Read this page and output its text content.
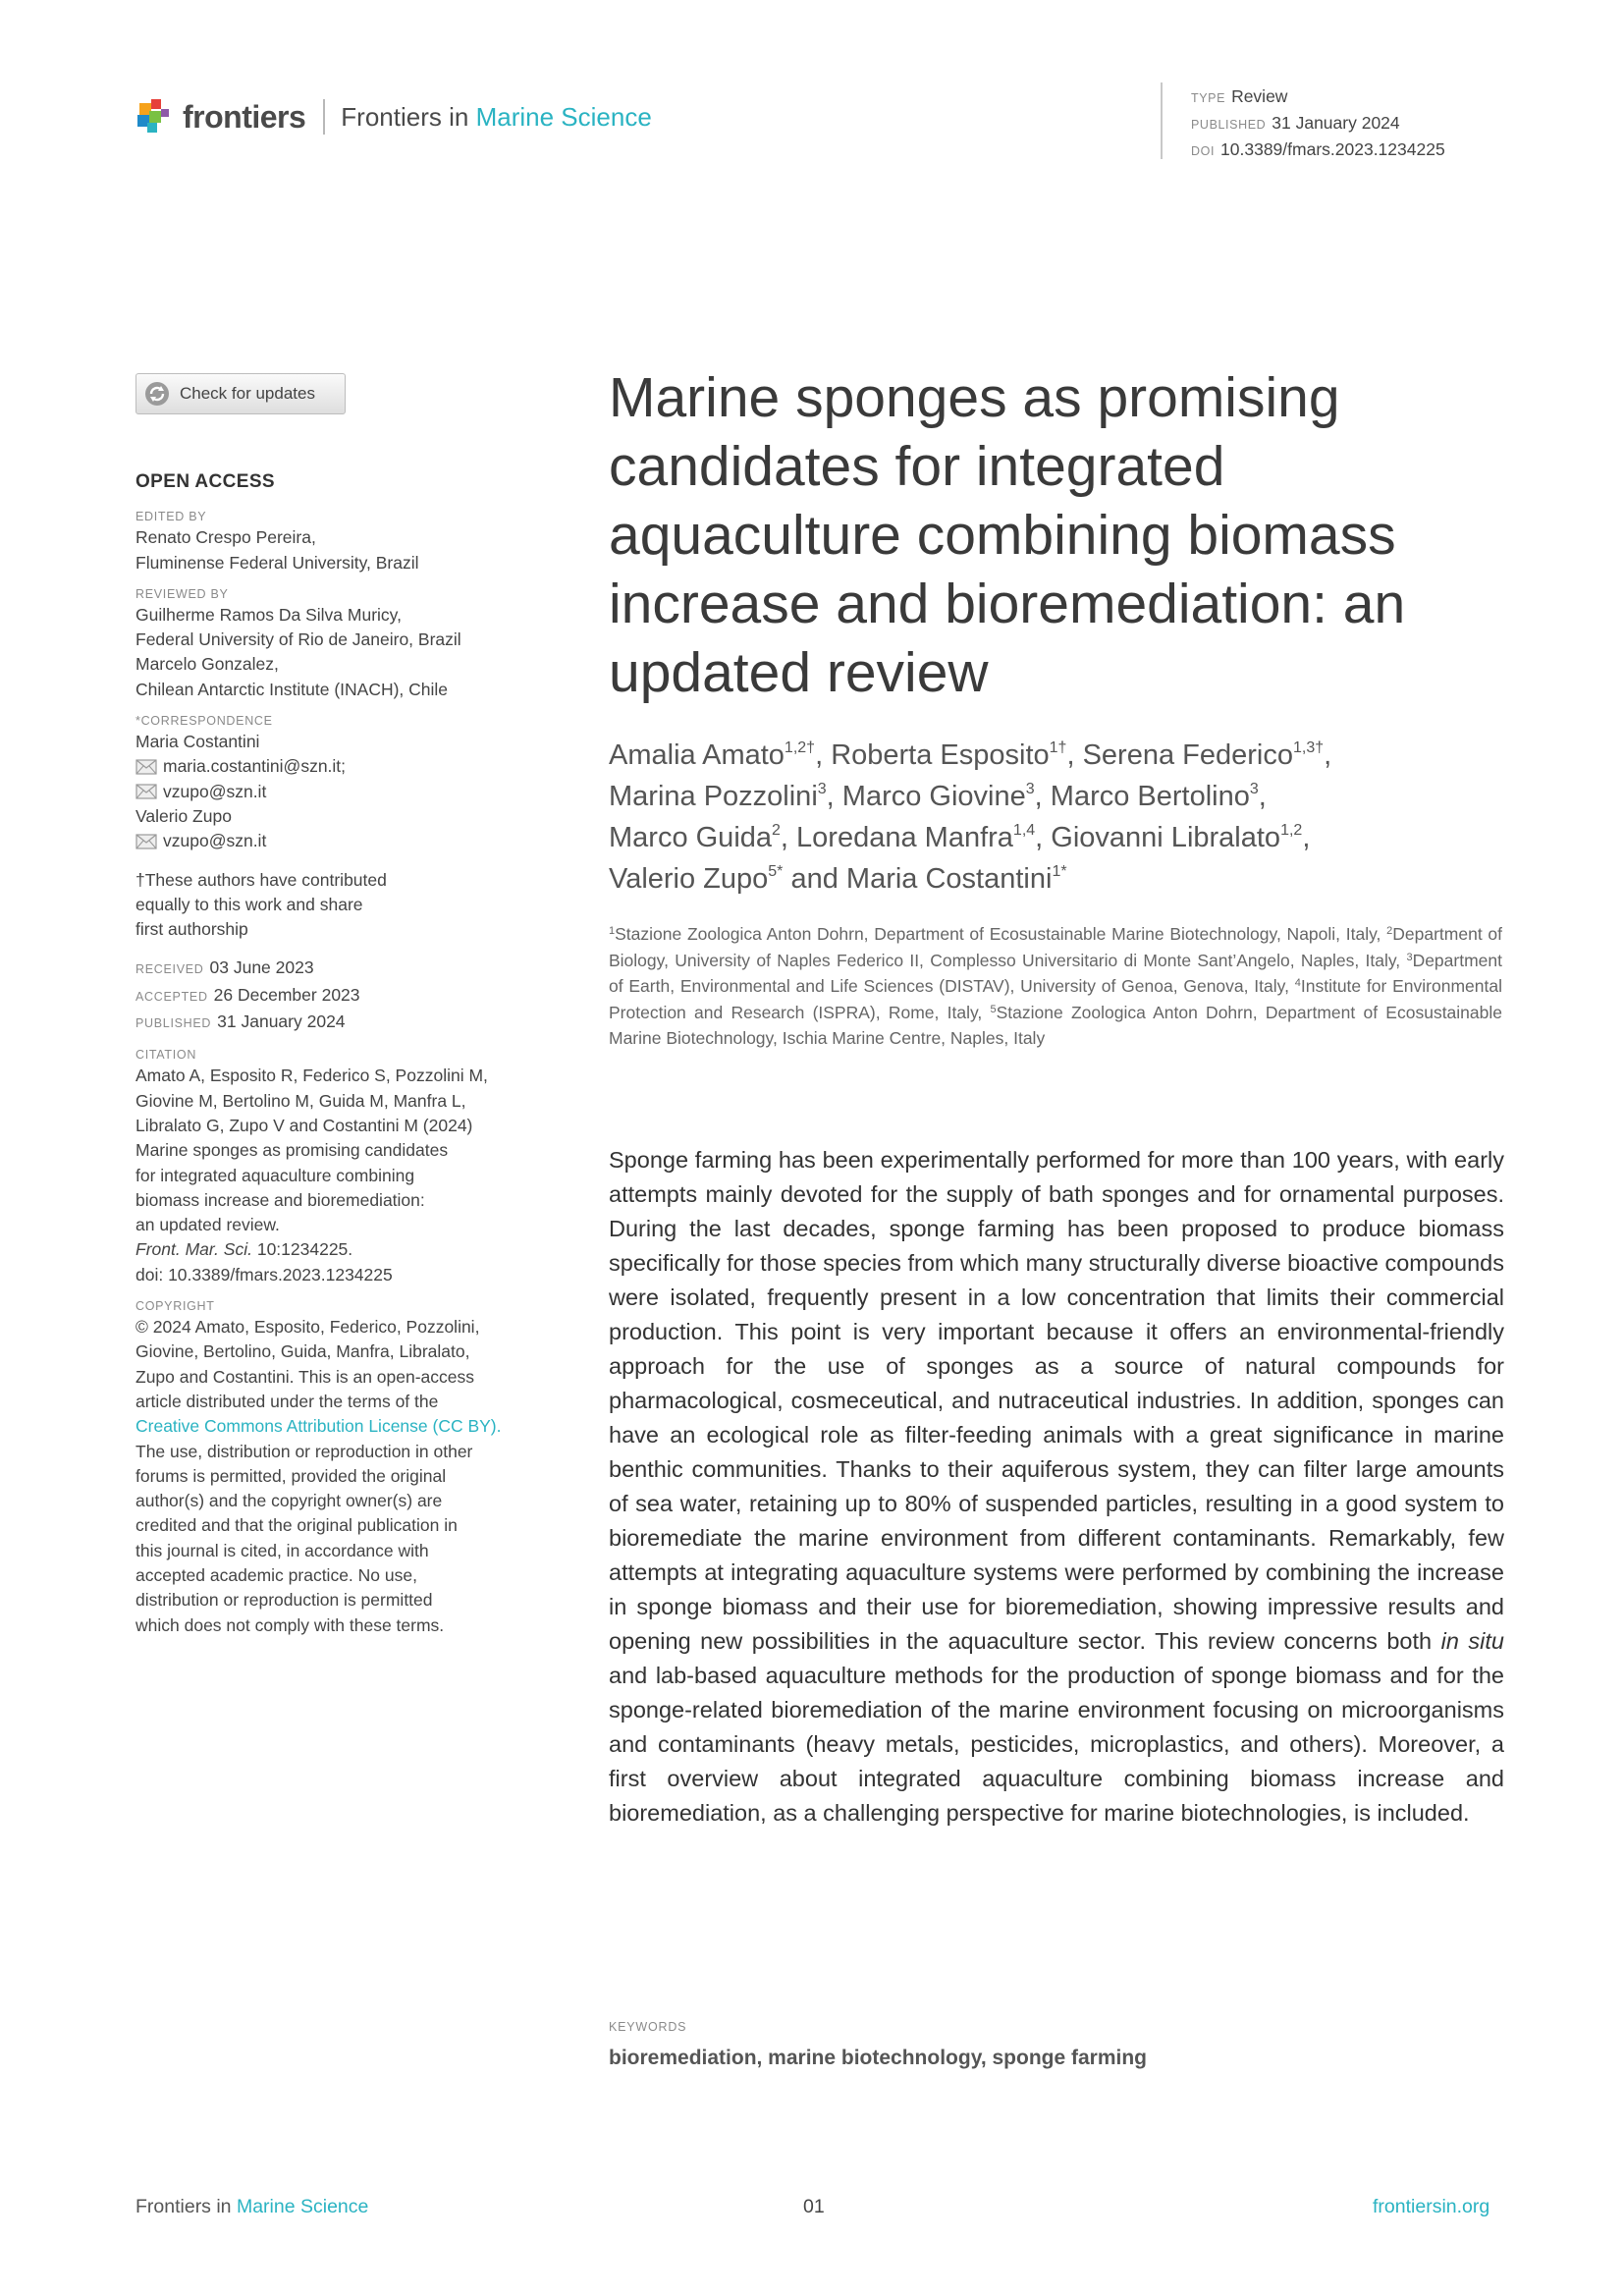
frontiers Frontiers in Marine Science
TYPE Review
PUBLISHED 31 January 2024
DOI 10.3389/fmars.2023.1234225
Check for updates
OPEN ACCESS
EDITED BY
Renato Crespo Pereira,
Fluminense Federal University, Brazil
REVIEWED BY
Guilherme Ramos Da Silva Muricy,
Federal University of Rio de Janeiro, Brazil
Marcelo Gonzalez,
Chilean Antarctic Institute (INACH), Chile
*CORRESPONDENCE
Maria Costantini
maria.costantini@szn.it;
vzupo@szn.it
Valerio Zupo
vzupo@szn.it
†These authors have contributed
equally to this work and share
first authorship
RECEIVED 03 June 2023
ACCEPTED 26 December 2023
PUBLISHED 31 January 2024
CITATION
Amato A, Esposito R, Federico S, Pozzolini M,
Giovine M, Bertolino M, Guida M, Manfra L,
Libralato G, Zupo V and Costantini M (2024)
Marine sponges as promising candidates
for integrated aquaculture combining
biomass increase and bioremediation:
an updated review.
Front. Mar. Sci. 10:1234225.
doi: 10.3389/fmars.2023.1234225
COPYRIGHT
© 2024 Amato, Esposito, Federico, Pozzolini,
Giovine, Bertolino, Guida, Manfra, Libralato,
Zupo and Costantini. This is an open-access
article distributed under the terms of the
Creative Commons Attribution License (CC BY).
The use, distribution or reproduction in other
forums is permitted, provided the original
author(s) and the copyright owner(s) are
credited and that the original publication in
this journal is cited, in accordance with
accepted academic practice. No use,
distribution or reproduction is permitted
which does not comply with these terms.
Marine sponges as promising
candidates for integrated
aquaculture combining biomass
increase and bioremediation: an
updated review
Amalia Amato$^{1,2\dagger}$, Roberta Esposito$^{1\dagger}$, Serena Federico$^{1,3\dagger}$,
Marina Pozzolini$^3$, Marco Giovine$^3$, Marco Bertolino$^3$,
Marco Guida$^2$, Loredana Manfra$^{1,4}$, Giovanni Libralato$^{1,2}$,
Valerio Zupo$^{5*}$ and Maria Costantini$^{1*}$
$^1$Stazione Zoologica Anton Dohrn, Department of Ecosustainable Marine Biotechnology, Napoli, Italy, $^2$Department of Biology, University of Naples Federico II, Complesso Universitario di Monte Sant’Angelo, Naples, Italy, $^3$Department of Earth, Environmental and Life Sciences (DISTAV), University of Genoa, Genova, Italy, $^4$Institute for Environmental Protection and Research (ISPRA), Rome, Italy, $^5$Stazione Zoologica Anton Dohrn, Department of Ecosustainable Marine Biotechnology, Ischia Marine Centre, Naples, Italy
Sponge farming has been experimentally performed for more than 100 years, with early attempts mainly devoted for the supply of bath sponges and for ornamental purposes. During the last decades, sponge farming has been proposed to produce biomass specifically for those species from which many structurally diverse bioactive compounds were isolated, frequently present in a low concentration that limits their commercial production. This point is very important because it offers an environmental-friendly approach for the use of sponges as a source of natural compounds for pharmacological, cosmeceutical, and nutraceutical industries. In addition, sponges can have an ecological role as filter-feeding animals with a great significance in marine benthic communities. Thanks to their aquiferous system, they can filter large amounts of sea water, retaining up to 80% of suspended particles, resulting in a good system to bioremediate the marine environment from different contaminants. Remarkably, few attempts at integrating aquaculture systems were performed by combining the increase in sponge biomass and their use for bioremediation, showing impressive results and opening new possibilities in the aquaculture sector. This review concerns both in situ and lab-based aquaculture methods for the production of sponge biomass and for the sponge-related bioremediation of the marine environment focusing on microorganisms and contaminants (heavy metals, pesticides, microplastics, and others). Moreover, a first overview about integrated aquaculture combining biomass increase and bioremediation, as a challenging perspective for marine biotechnologies, is included.
KEYWORDS
bioremediation, marine biotechnology, sponge farming
Frontiers in Marine Science	01	frontiersin.org
